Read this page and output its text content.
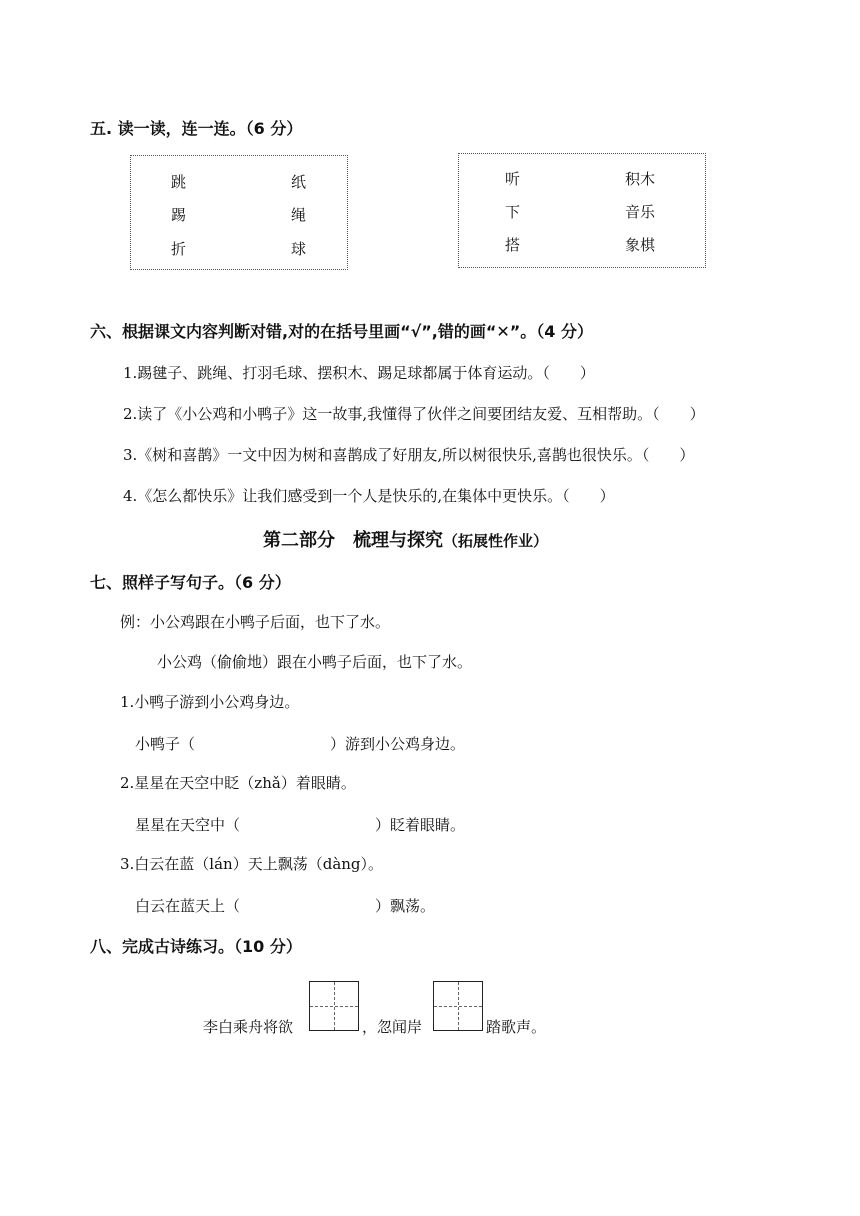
五. 读一读，连一连。（6 分）
跳
踢
折
纸
绳
球
听
下
搭
积木
音乐
象棋
六、根据课文内容判断对错,对的在括号里画“√”,错的画“✕”。（4 分）
1.踢毽子、跳绳、打羽毛球、摆积木、踢足球都属于体育运动。（　　）
2.读了《小公鸡和小鸭子》这一故事,我懂得了伙伴之间要团结友爱、互相帮助。（　　）
3.《树和喜鹊》一文中因为树和喜鹊成了好朋友,所以树很快乐,喜鹊也很快乐。（　　）
4.《怎么都快乐》让我们感受到一个人是快乐的,在集体中更快乐。（　　）
第二部分　梳理与探究（拓展性作业）
七、照样子写句子。（6 分）
例：小公鸡跟在小鸭子后面，也下了水。
小公鸡（偷偷地）跟在小鸭子后面，也下了水。
1.小鸭子游到小公鸡身边。
小鸭子（　　　　　　　　　）游到小公鸡身边。
2.星星在天空中眨（zhǎ）着眼睛。
星星在天空中（　　　　　　　　　）眨着眼睛。
3.白云在蓝（lán）天上飘荡（dàng）。
白云在蓝天上（　　　　　　　　　）飘荡。
八、完成古诗练习。（10 分）
李白乘舟将欲	，忽闻岸	踏歌声。
